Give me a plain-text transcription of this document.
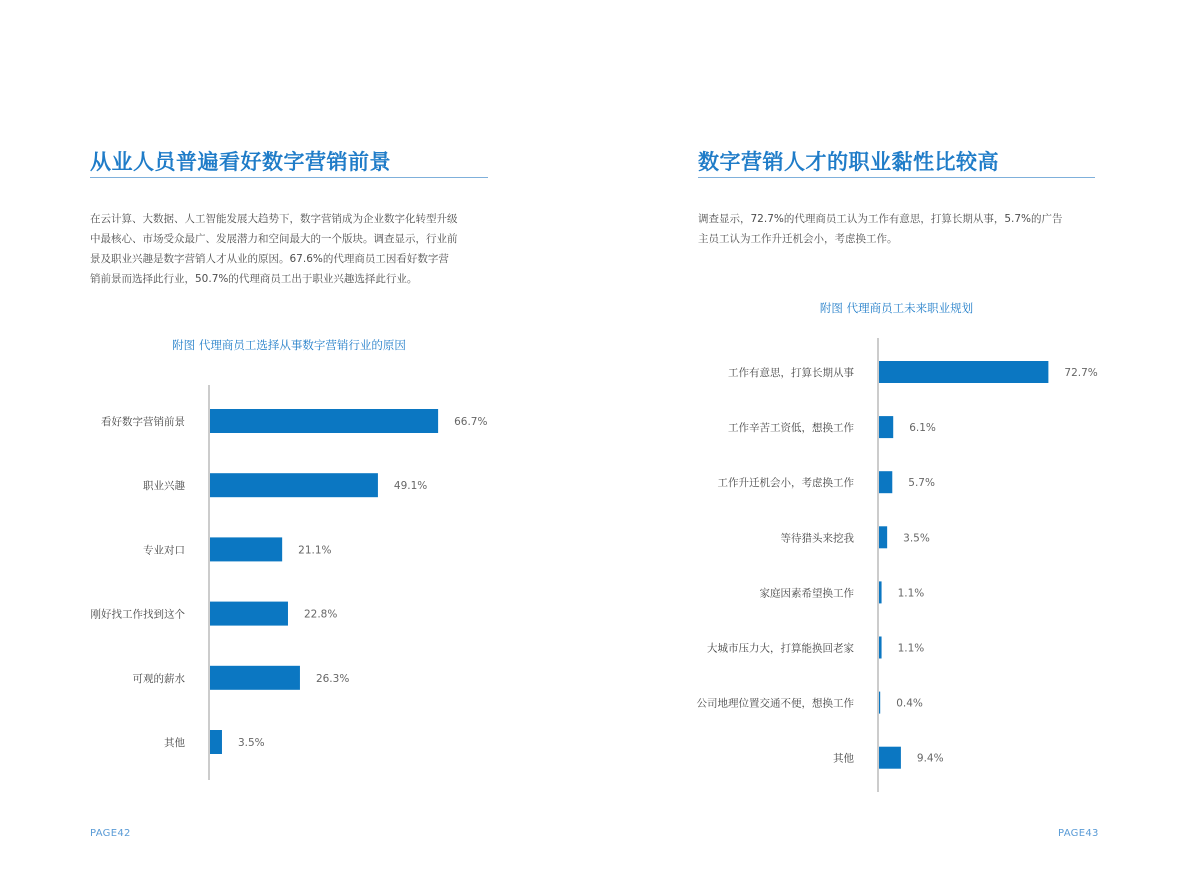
从业人员普遍看好数字营销前景

在云计算、大数据、人工智能发展大趋势下，数字营销成为企业数字化转型升级

中最核心、市场受众最广、发展潜力和空间最大的一个版块。调查显示，行业前

景及职业兴趣是数字营销人才从业的原因。67.6%的代理商员工因看好数字营

销前景而选择此行业，50.7%的代理商员工出于职业兴趣选择此行业。

附图 代理商员工选择从事数字营销行业的原因

PAGE42

数字营销人才的职业黏性比较高

调查显示，72.7%的代理商员工认为工作有意思，打算长期从事，5.7%的广告

主员工认为工作升迁机会小，考虑换工作。

附图 代理商员工未来职业规划

PAGE43

看好数字营销前景	66.7%
职业兴趣	49.1%
专业对口	21.1%
刚好找工作找到这个	22.8%
可观的薪水	26.3%
其他	3.5%
工作有意思，打算长期从事	72.7%
工作辛苦工资低，想换工作	6.1%
工作升迁机会小，考虑换工作	5.7%
等待猎头来挖我	3.5%
家庭因素希望换工作	1.1%
大城市压力大，打算能换回老家	1.1%
公司地理位置交通不便，想换工作	0.4%
其他	9.4%
